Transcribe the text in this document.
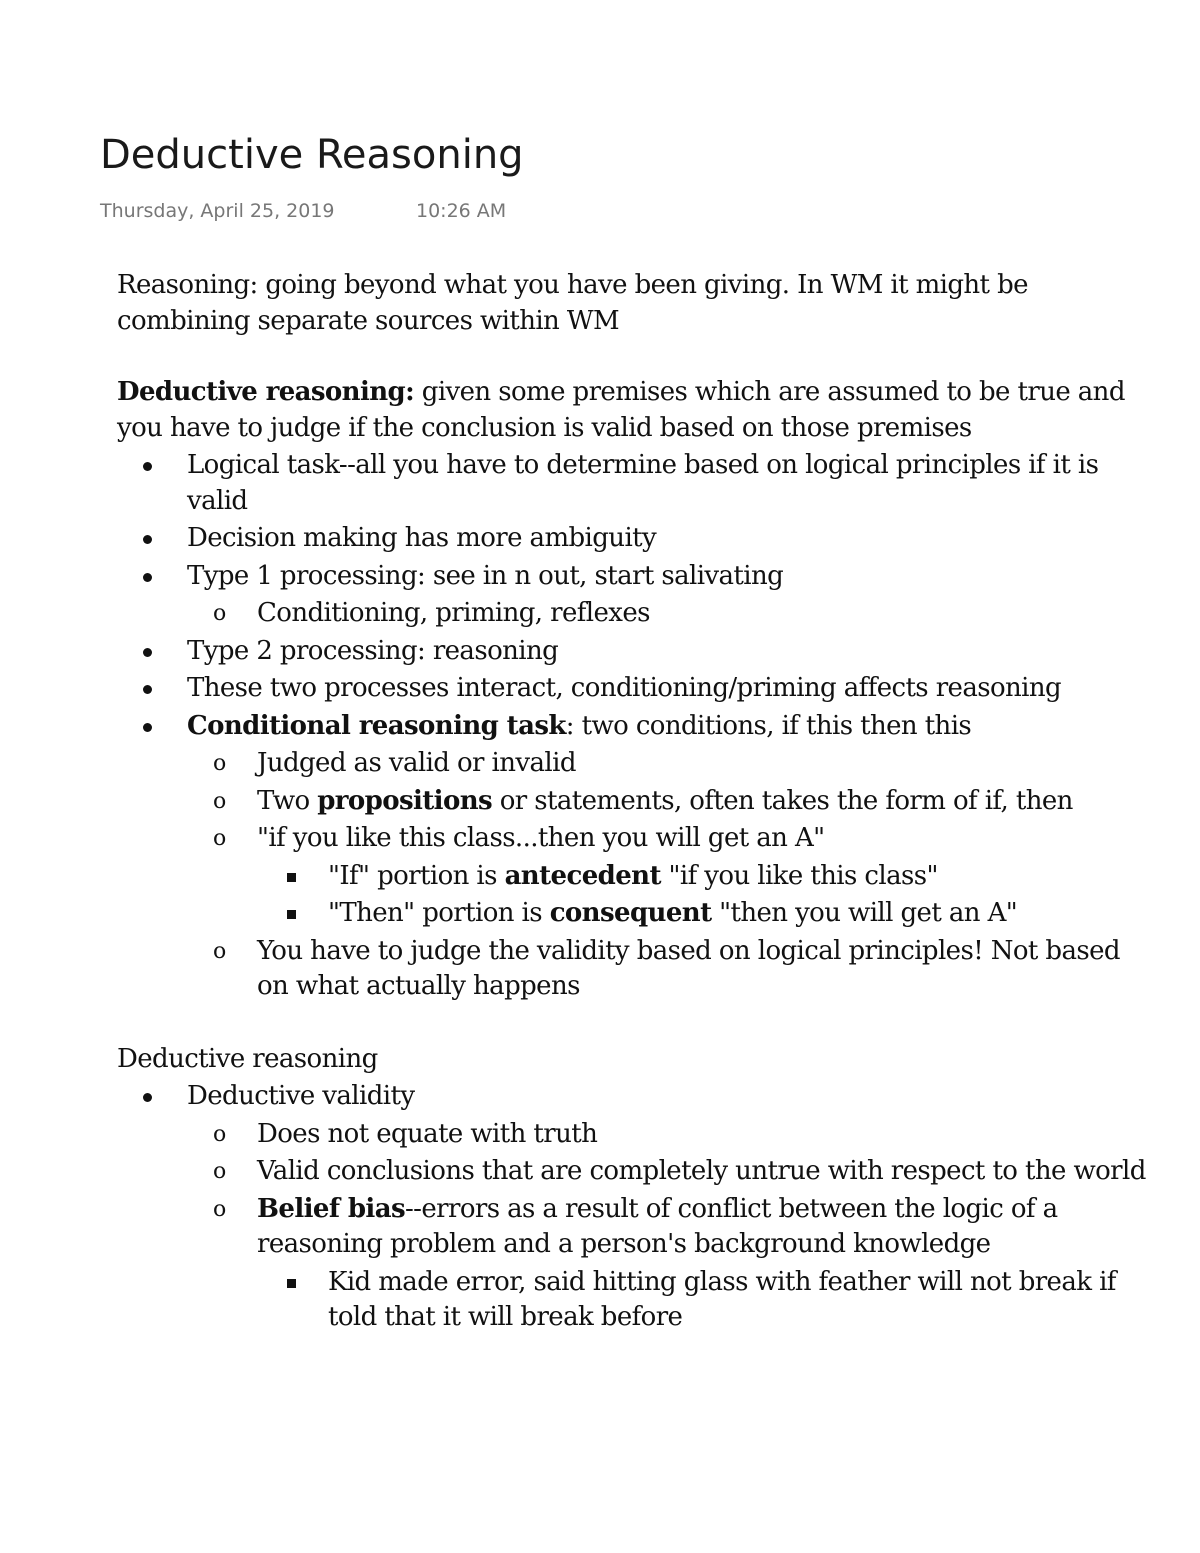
Deductive Reasoning
Thursday, April 25, 2019	10:26 AM

Reasoning: going beyond what you have been giving. In WM it might be combining separate sources within WM

Deductive reasoning: given some premises which are assumed to be true and you have to judge if the conclusion is valid based on those premises

Logical task--all you have to determine based on logical principles if it is valid
Decision making has more ambiguity
Type 1 processing: see in n out, start salivating
o Conditioning, priming, reflexes
Type 2 processing: reasoning
These two processes interact, conditioning/priming affects reasoning
Conditional reasoning task: two conditions, if this then this
o Judged as valid or invalid
o Two propositions or statements, often takes the form of if, then
o "if you like this class...then you will get an A"
"If" portion is antecedent "if you like this class"
"Then" portion is consequent "then you will get an A"
o You have to judge the validity based on logical principles! Not based on what actually happens

Deductive reasoning

Deductive validity
o Does not equate with truth
o Valid conclusions that are completely untrue with respect to the world
o Belief bias--errors as a result of conflict between the logic of a reasoning problem and a person's background knowledge
Kid made error, said hitting glass with feather will not break if told that it will break before
